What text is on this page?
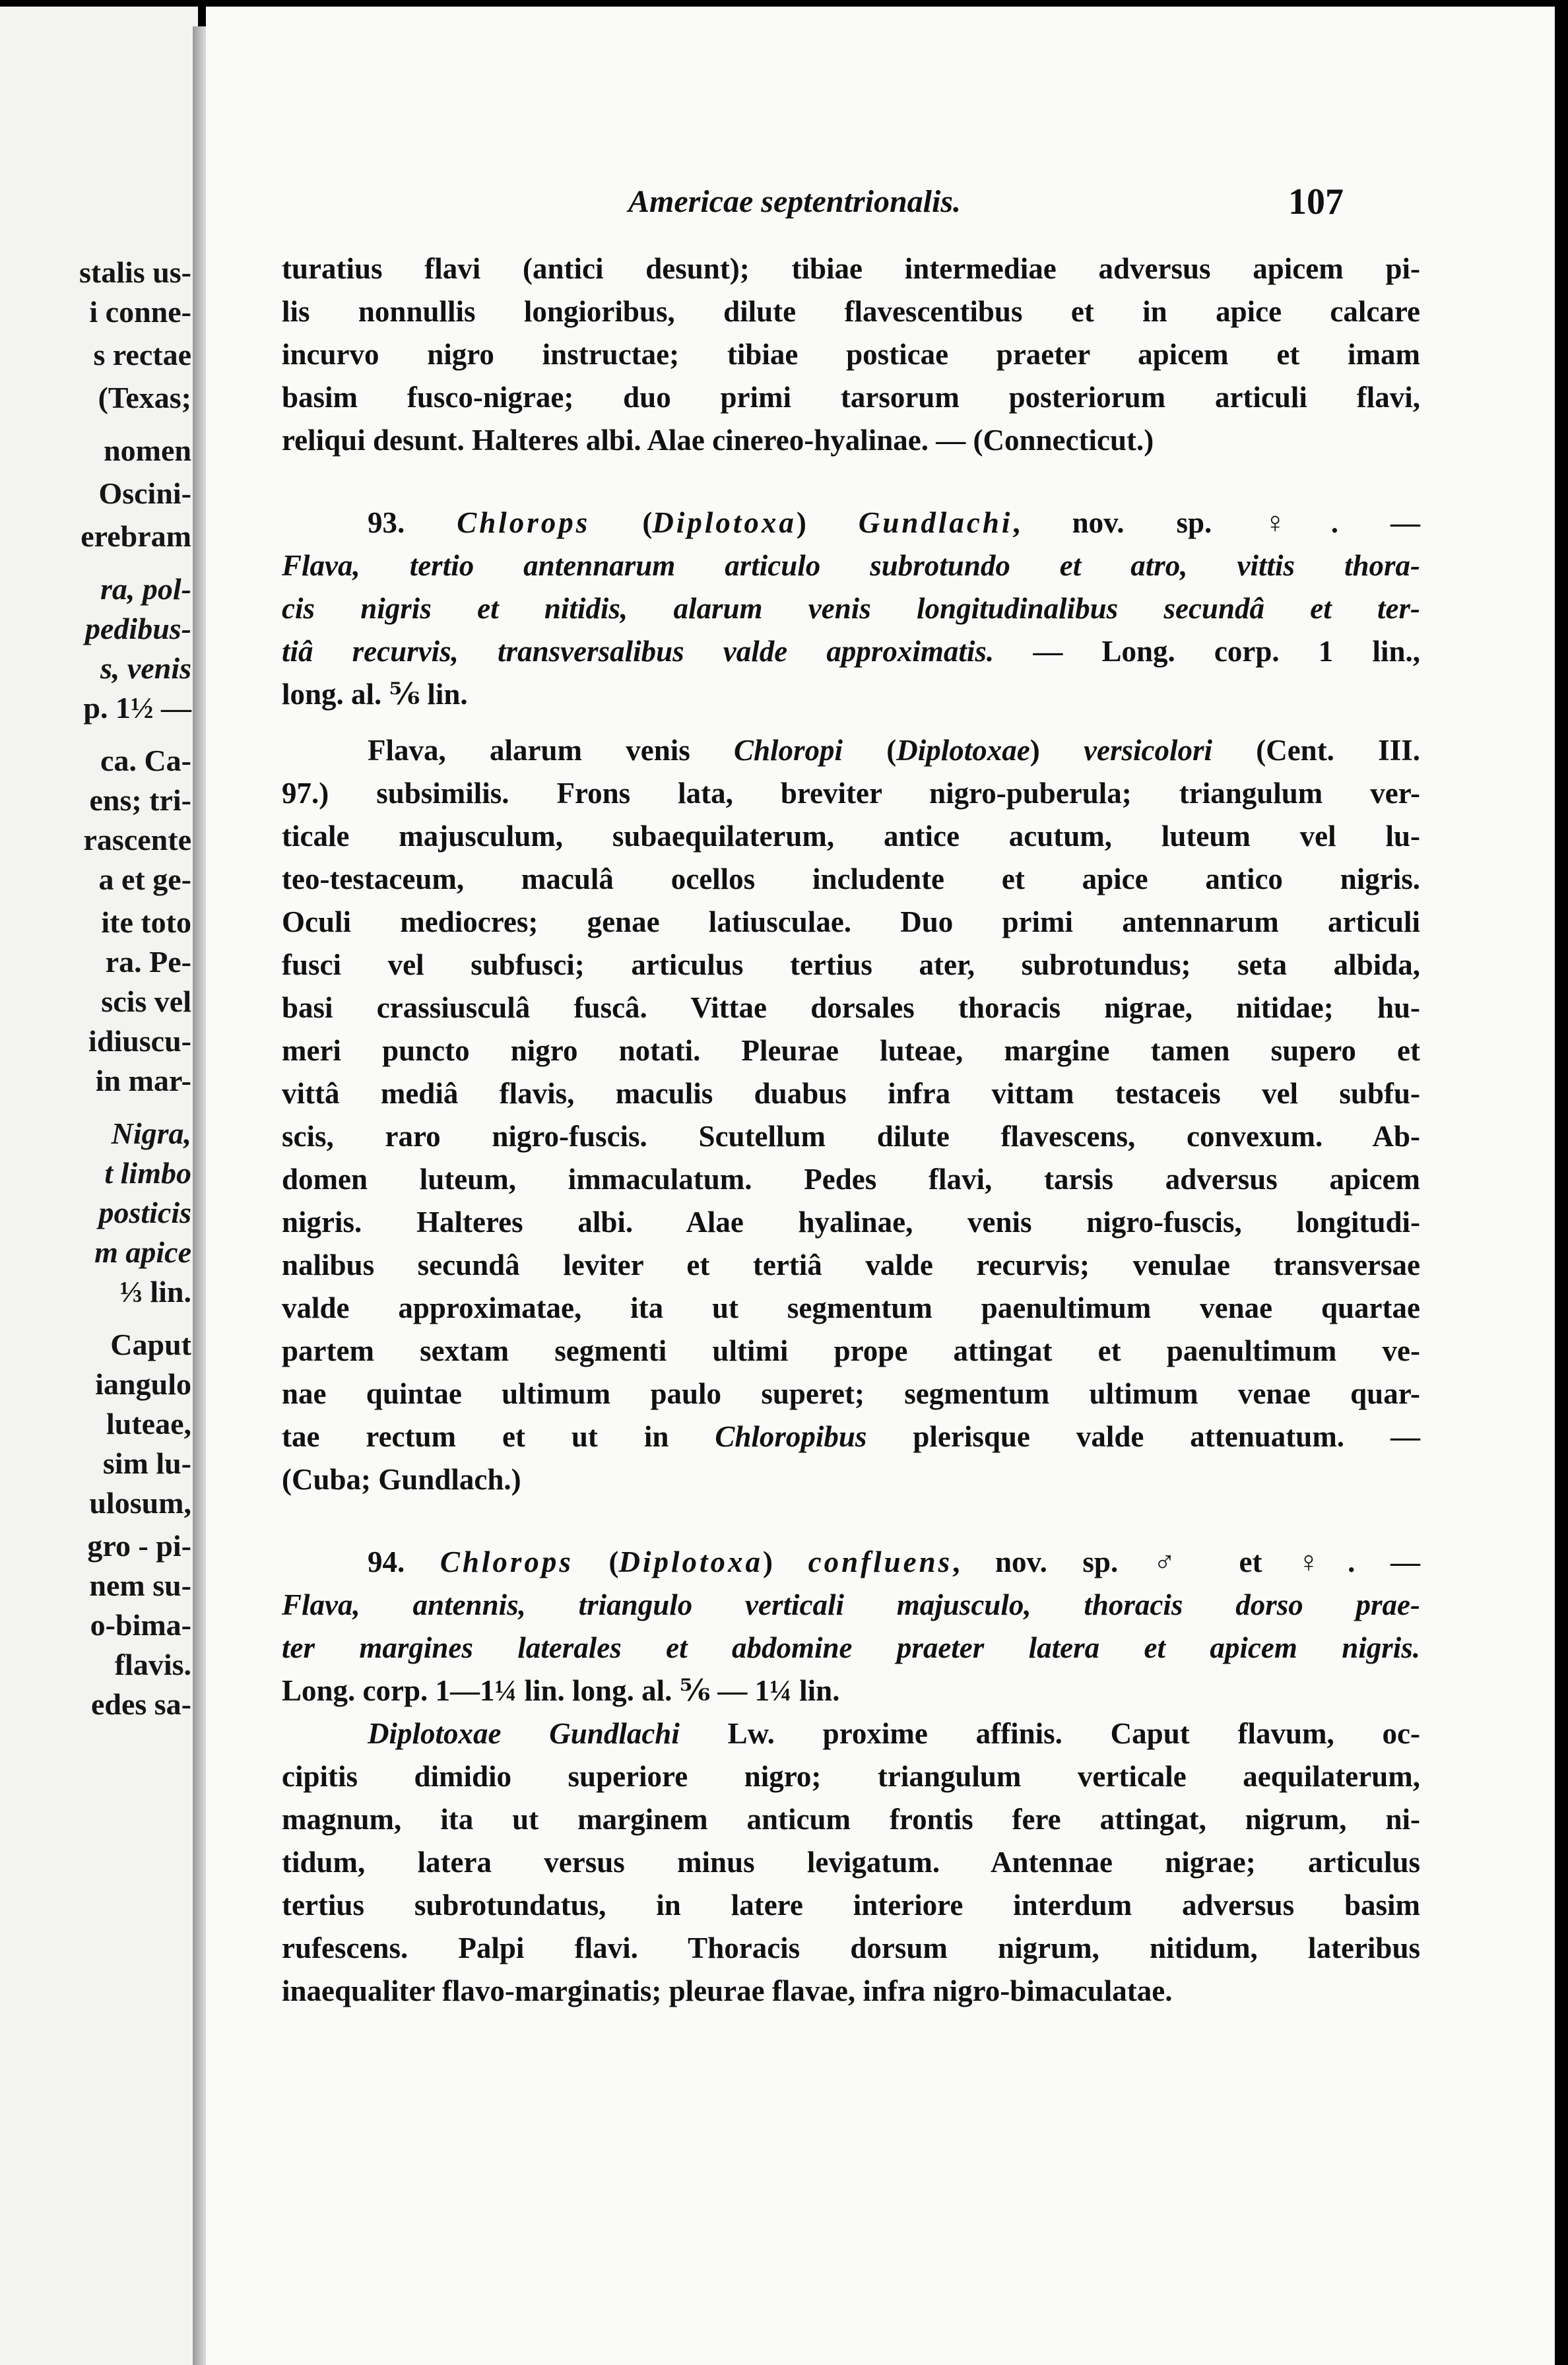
stalis us-
i conne-
s rectae
(Texas;
nomen
Oscini-
erebram
ra, pol-
pedibus-
s, venis
p. 1½ —
ca. Ca-
ens; tri-
rascente
a et ge-
ite toto
ra. Pe-
scis vel
idiuscu-
in mar-
Nigra,
t limbo
posticis
m apice
⅓ lin.
Caput
iangulo
luteae,
sim lu-
ulosum,
gro - pi-
nem su-
o-bima-
flavis.
edes sa-
Americae septentrionalis.	107
turatius flavi (antici desunt); tibiae intermediae adversus apicem pi-
lis nonnullis longioribus, dilute flavescentibus et in apice calcare
incurvo nigro instructae; tibiae posticae praeter apicem et imam
basim fusco-nigrae; duo primi tarsorum posteriorum articuli flavi,
reliqui desunt. Halteres albi. Alae cinereo-hyalinae. — (Connecticut.)
93. Chlorops (Diplotoxa) Gundlachi, nov. sp. ♀. —
Flava, tertio antennarum articulo subrotundo et atro, vittis thora-
cis nigris et nitidis, alarum venis longitudinalibus secundâ et ter-
tiâ recurvis, transversalibus valde approximatis. — Long. corp. 1 lin.,
long. al. ⅚ lin.
Flava, alarum venis Chloropi (Diplotoxae) versicolori (Cent. III.
97.) subsimilis. Frons lata, breviter nigro-puberula; triangulum ver-
ticale majusculum, subaequilaterum, antice acutum, luteum vel lu-
teo-testaceum, maculâ ocellos includente et apice antico nigris.
Oculi mediocres; genae latiusculae. Duo primi antennarum articuli
fusci vel subfusci; articulus tertius ater, subrotundus; seta albida,
basi crassiusculâ fuscâ. Vittae dorsales thoracis nigrae, nitidae; hu-
meri puncto nigro notati. Pleurae luteae, margine tamen supero et
vittâ mediâ flavis, maculis duabus infra vittam testaceis vel subfu-
scis, raro nigro-fuscis. Scutellum dilute flavescens, convexum. Ab-
domen luteum, immaculatum. Pedes flavi, tarsis adversus apicem
nigris. Halteres albi. Alae hyalinae, venis nigro-fuscis, longitudi-
nalibus secundâ leviter et tertiâ valde recurvis; venulae transversae
valde approximatae, ita ut segmentum paenultimum venae quartae
partem sextam segmenti ultimi prope attingat et paenultimum ve-
nae quintae ultimum paulo superet; segmentum ultimum venae quar-
tae rectum et ut in Chloropibus plerisque valde attenuatum. —
(Cuba; Gundlach.)
94. Chlorops (Diplotoxa) confluens, nov. sp. ♂ et ♀. —
Flava, antennis, triangulo verticali majusculo, thoracis dorso prae-
ter margines laterales et abdomine praeter latera et apicem nigris.
Long. corp. 1—1¼ lin. long. al. ⅚ — 1¼ lin.
Diplotoxae Gundlachi Lw. proxime affinis. Caput flavum, oc-
cipitis dimidio superiore nigro; triangulum verticale aequilaterum,
magnum, ita ut marginem anticum frontis fere attingat, nigrum, ni-
tidum, latera versus minus levigatum. Antennae nigrae; articulus
tertius subrotundatus, in latere interiore interdum adversus basim
rufescens. Palpi flavi. Thoracis dorsum nigrum, nitidum, lateribus
inaequaliter flavo-marginatis; pleurae flavae, infra nigro-bimaculatae.
